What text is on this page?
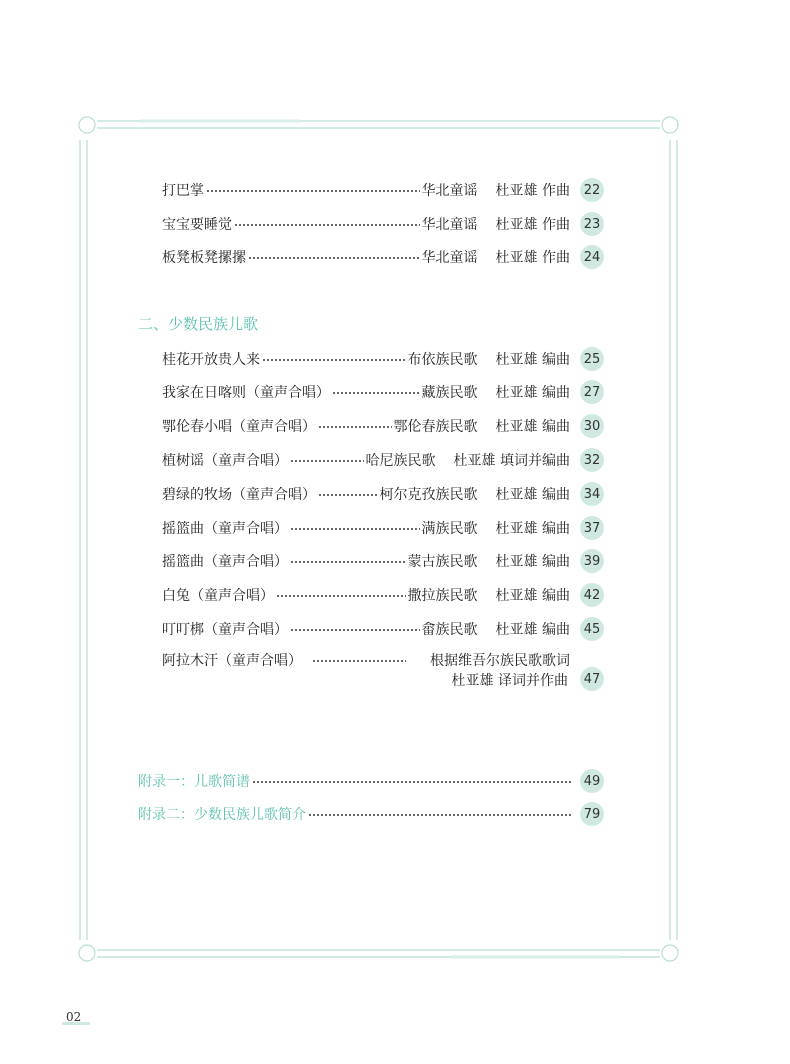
打巴掌	华北童谣 杜亚雄 作曲 22
宝宝要睡觉	华北童谣 杜亚雄 作曲 23
板凳板凳摞摞	华北童谣 杜亚雄 作曲 24
二、少数民族儿歌
桂花开放贵人来	布依族民歌 杜亚雄 编曲 25
我家在日喀则（童声合唱）	藏族民歌 杜亚雄 编曲 27
鄂伦春小唱（童声合唱）	鄂伦春族民歌 杜亚雄 编曲 30
植树谣（童声合唱）	哈尼族民歌 杜亚雄 填词并编曲 32
碧绿的牧场（童声合唱）	柯尔克孜族民歌 杜亚雄 编曲 34
摇篮曲（童声合唱）	满族民歌 杜亚雄 编曲 37
摇篮曲（童声合唱）	蒙古族民歌 杜亚雄 编曲 39
白兔（童声合唱）	撒拉族民歌 杜亚雄 编曲 42
叮叮梆（童声合唱）	畲族民歌 杜亚雄 编曲 45
阿拉木汗（童声合唱）	根据维吾尔族民歌歌词
杜亚雄 译词并作曲 47
附录一：儿歌简谱	49
附录二：少数民族儿歌简介	79
02
